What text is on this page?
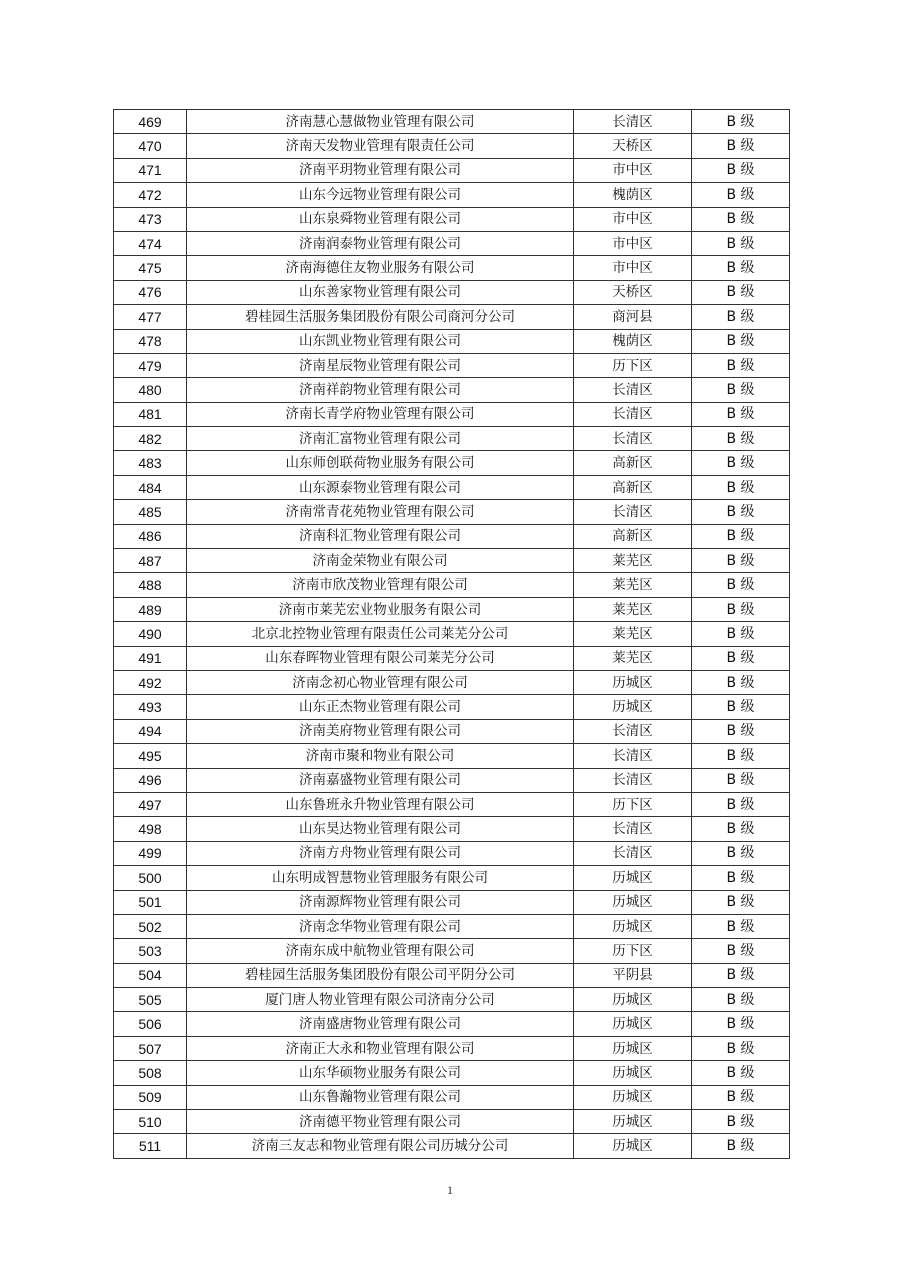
469	济南慧心慧做物业管理有限公司	长清区	B 级
470	济南天发物业管理有限责任公司	天桥区	B 级
471	济南平玥物业管理有限公司	市中区	B 级
472	山东今远物业管理有限公司	槐荫区	B 级
473	山东泉舜物业管理有限公司	市中区	B 级
474	济南润泰物业管理有限公司	市中区	B 级
475	济南海德住友物业服务有限公司	市中区	B 级
476	山东善家物业管理有限公司	天桥区	B 级
477	碧桂园生活服务集团股份有限公司商河分公司	商河县	B 级
478	山东凯业物业管理有限公司	槐荫区	B 级
479	济南星辰物业管理有限公司	历下区	B 级
480	济南祥韵物业管理有限公司	长清区	B 级
481	济南长青学府物业管理有限公司	长清区	B 级
482	济南汇富物业管理有限公司	长清区	B 级
483	山东师创联荷物业服务有限公司	高新区	B 级
484	山东源泰物业管理有限公司	高新区	B 级
485	济南常青花苑物业管理有限公司	长清区	B 级
486	济南科汇物业管理有限公司	高新区	B 级
487	济南金荣物业有限公司	莱芜区	B 级
488	济南市欣茂物业管理有限公司	莱芜区	B 级
489	济南市莱芜宏业物业服务有限公司	莱芜区	B 级
490	北京北控物业管理有限责任公司莱芜分公司	莱芜区	B 级
491	山东春晖物业管理有限公司莱芜分公司	莱芜区	B 级
492	济南念初心物业管理有限公司	历城区	B 级
493	山东正杰物业管理有限公司	历城区	B 级
494	济南美府物业管理有限公司	长清区	B 级
495	济南市聚和物业有限公司	长清区	B 级
496	济南嘉盛物业管理有限公司	长清区	B 级
497	山东鲁班永升物业管理有限公司	历下区	B 级
498	山东昊达物业管理有限公司	长清区	B 级
499	济南方舟物业管理有限公司	长清区	B 级
500	山东明成智慧物业管理服务有限公司	历城区	B 级
501	济南源辉物业管理有限公司	历城区	B 级
502	济南念华物业管理有限公司	历城区	B 级
503	济南东成中航物业管理有限公司	历下区	B 级
504	碧桂园生活服务集团股份有限公司平阴分公司	平阴县	B 级
505	厦门唐人物业管理有限公司济南分公司	历城区	B 级
506	济南盛唐物业管理有限公司	历城区	B 级
507	济南正大永和物业管理有限公司	历城区	B 级
508	山东华硕物业服务有限公司	历城区	B 级
509	山东鲁瀚物业管理有限公司	历城区	B 级
510	济南德平物业管理有限公司	历城区	B 级
511	济南三友志和物业管理有限公司历城分公司	历城区	B 级
1
